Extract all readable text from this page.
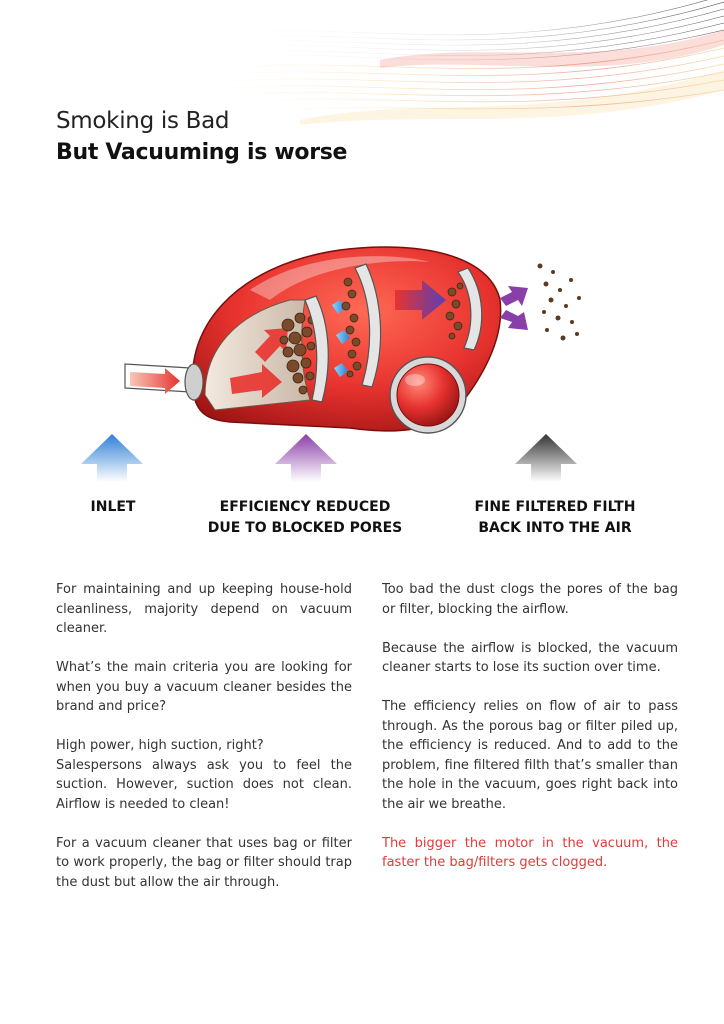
Smoking is Bad
But Vacuuming is worse
INLET	EFFICIENCY REDUCED
DUE TO BLOCKED PORES
FINE FILTERED FILTH
BACK INTO THE AIR

For maintaining and up keeping house-hold cleanliness, majority depend on vacuum cleaner.

What’s the main criteria you are looking for when you buy a vacuum cleaner besides the brand and price?

High power, high suction, right?
Salespersons always ask you to feel the suction. However, suction does not clean. Airflow is needed to clean!

For a vacuum cleaner that uses bag or filter to work properly, the bag or filter should trap the dust but allow the air through.

Too bad the dust clogs the pores of the bag or filter, blocking the airflow.

Because the airflow is blocked, the vacuum cleaner starts to lose its suction over time.

The efficiency relies on flow of air to pass through. As the porous bag or filter piled up, the efficiency is reduced. And to add to the problem, fine filtered filth that’s smaller than the hole in the vacuum, goes right back into the air we breathe.

The bigger the motor in the vacuum, the faster the bag/filters gets clogged.
